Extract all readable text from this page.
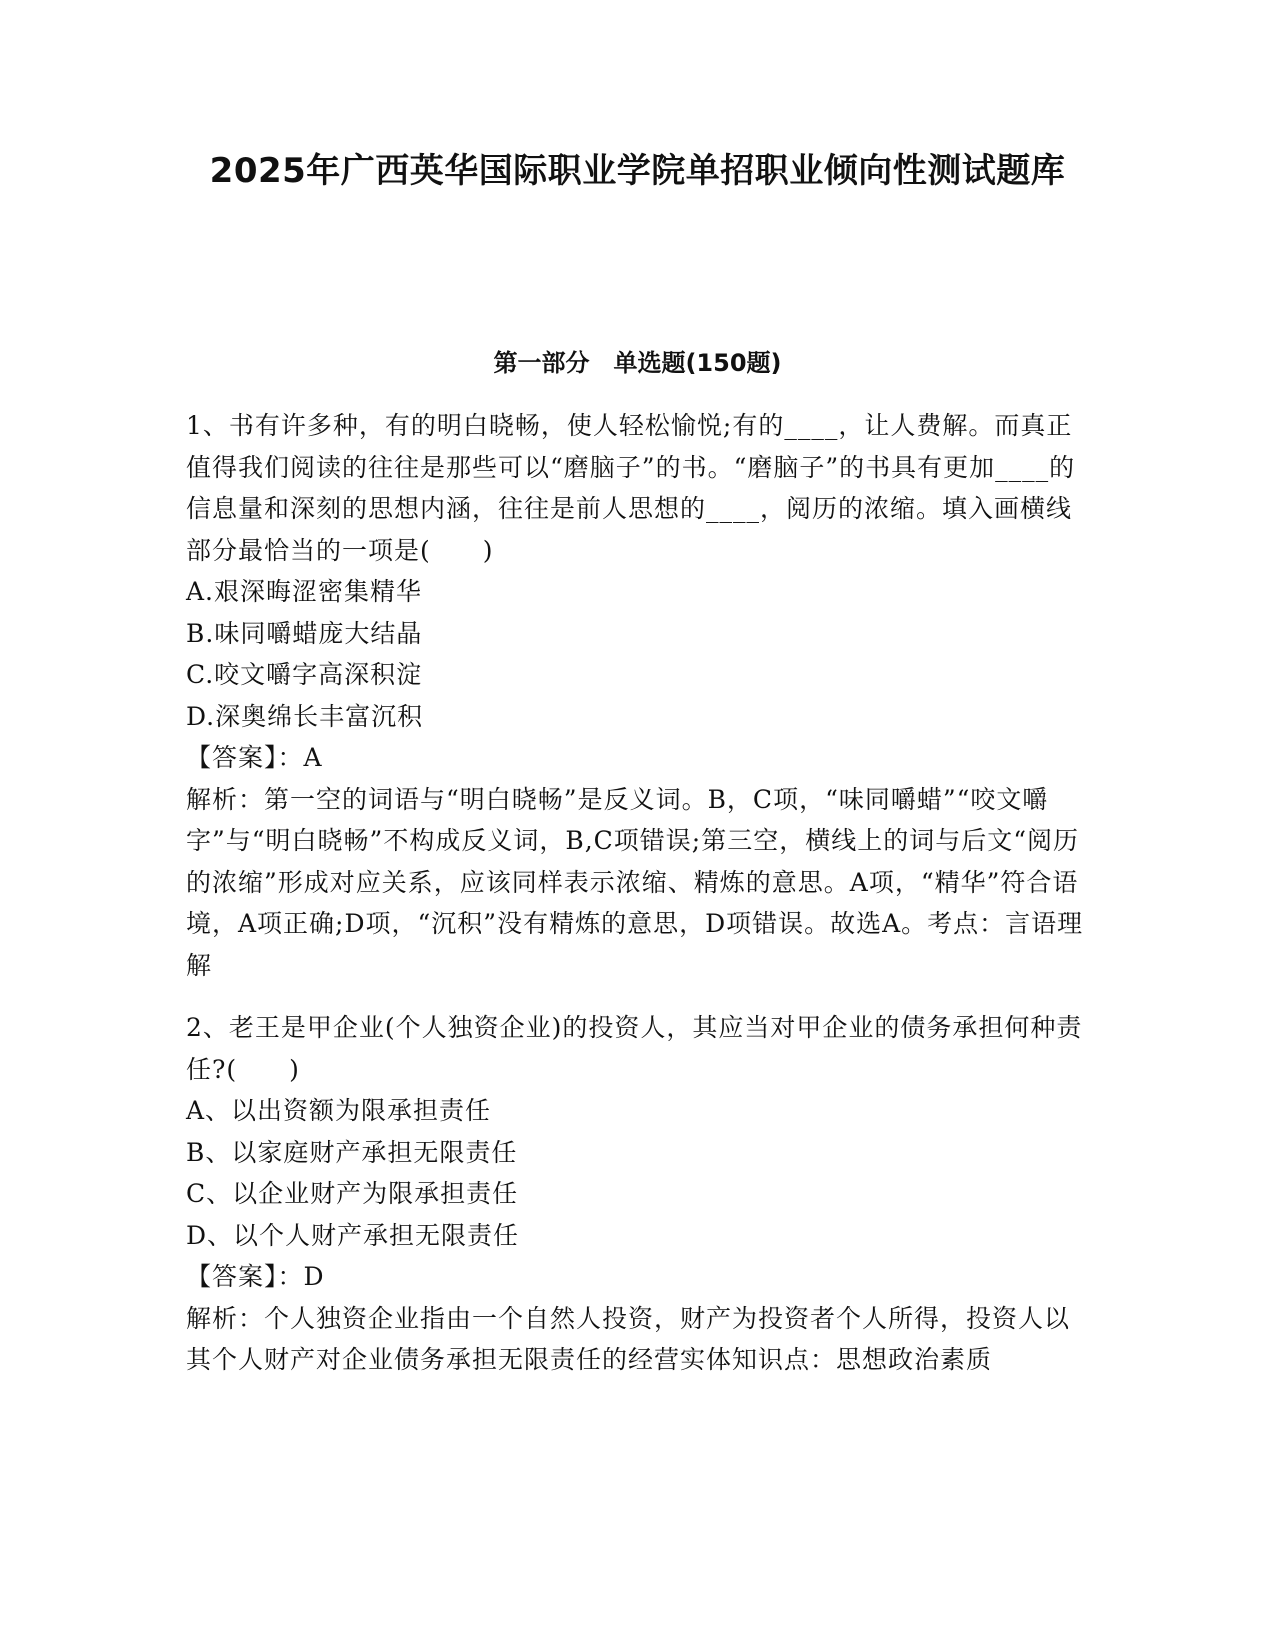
2025年广西英华国际职业学院单招职业倾向性测试题库
第一部分　单选题(150题)

1、书有许多种，有的明白晓畅，使人轻松愉悦;有的____，让人费解。而真正值得我们阅读的往往是那些可以“磨脑子”的书。“磨脑子”的书具有更加____的信息量和深刻的思想内涵，往往是前人思想的____，阅历的浓缩。填入画横线部分最恰当的一项是(　　)

A.艰深晦涩密集精华

B.味同嚼蜡庞大结晶

C.咬文嚼字高深积淀

D.深奥绵长丰富沉积

【答案】：A

解析：第一空的词语与“明白晓畅”是反义词。B，C项，“味同嚼蜡”“咬文嚼字”与“明白晓畅”不构成反义词，B,C项错误;第三空，横线上的词与后文“阅历的浓缩”形成对应关系，应该同样表示浓缩、精炼的意思。A项，“精华”符合语境，A项正确;D项，“沉积”没有精炼的意思，D项错误。故选A。考点：言语理解

2、老王是甲企业(个人独资企业)的投资人，其应当对甲企业的债务承担何种责任?(　　)

A、以出资额为限承担责任

B、以家庭财产承担无限责任

C、以企业财产为限承担责任

D、以个人财产承担无限责任

【答案】：D

解析：个人独资企业指由一个自然人投资，财产为投资者个人所得，投资人以其个人财产对企业债务承担无限责任的经营实体知识点：思想政治素质
